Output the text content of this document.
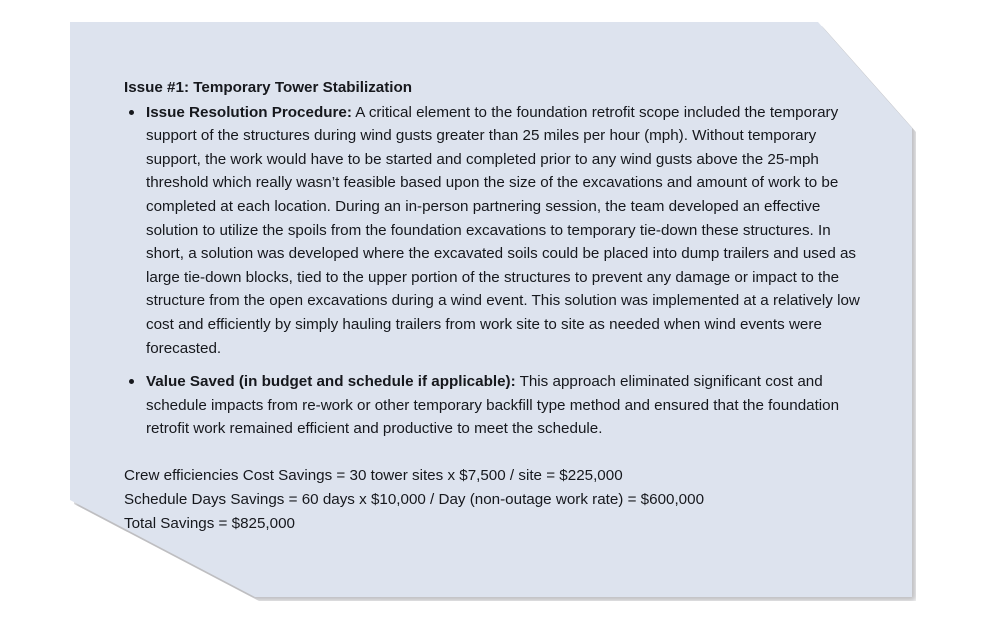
Issue #1: Temporary Tower Stabilization

Issue Resolution Procedure: A critical element to the foundation retrofit scope included the temporary support of the structures during wind gusts greater than 25 miles per hour (mph). Without temporary support, the work would have to be started and completed prior to any wind gusts above the 25-mph threshold which really wasn’t feasible based upon the size of the excavations and amount of work to be completed at each location. During an in-person partnering session, the team developed an effective solution to utilize the spoils from the foundation excavations to temporary tie-down these structures. In short, a solution was developed where the excavated soils could be placed into dump trailers and used as large tie-down blocks, tied to the upper portion of the structures to prevent any damage or impact to the structure from the open excavations during a wind event. This solution was implemented at a relatively low cost and efficiently by simply hauling trailers from work site to site as needed when wind events were forecasted.
Value Saved (in budget and schedule if applicable): This approach eliminated significant cost and schedule impacts from re-work or other temporary backfill type method and ensured that the foundation retrofit work remained efficient and productive to meet the schedule.

Crew efficiencies Cost Savings = 30 tower sites x $7,500 / site = $225,000

Schedule Days Savings = 60 days x $10,000 / Day (non-outage work rate) = $600,000

Total Savings = $825,000
